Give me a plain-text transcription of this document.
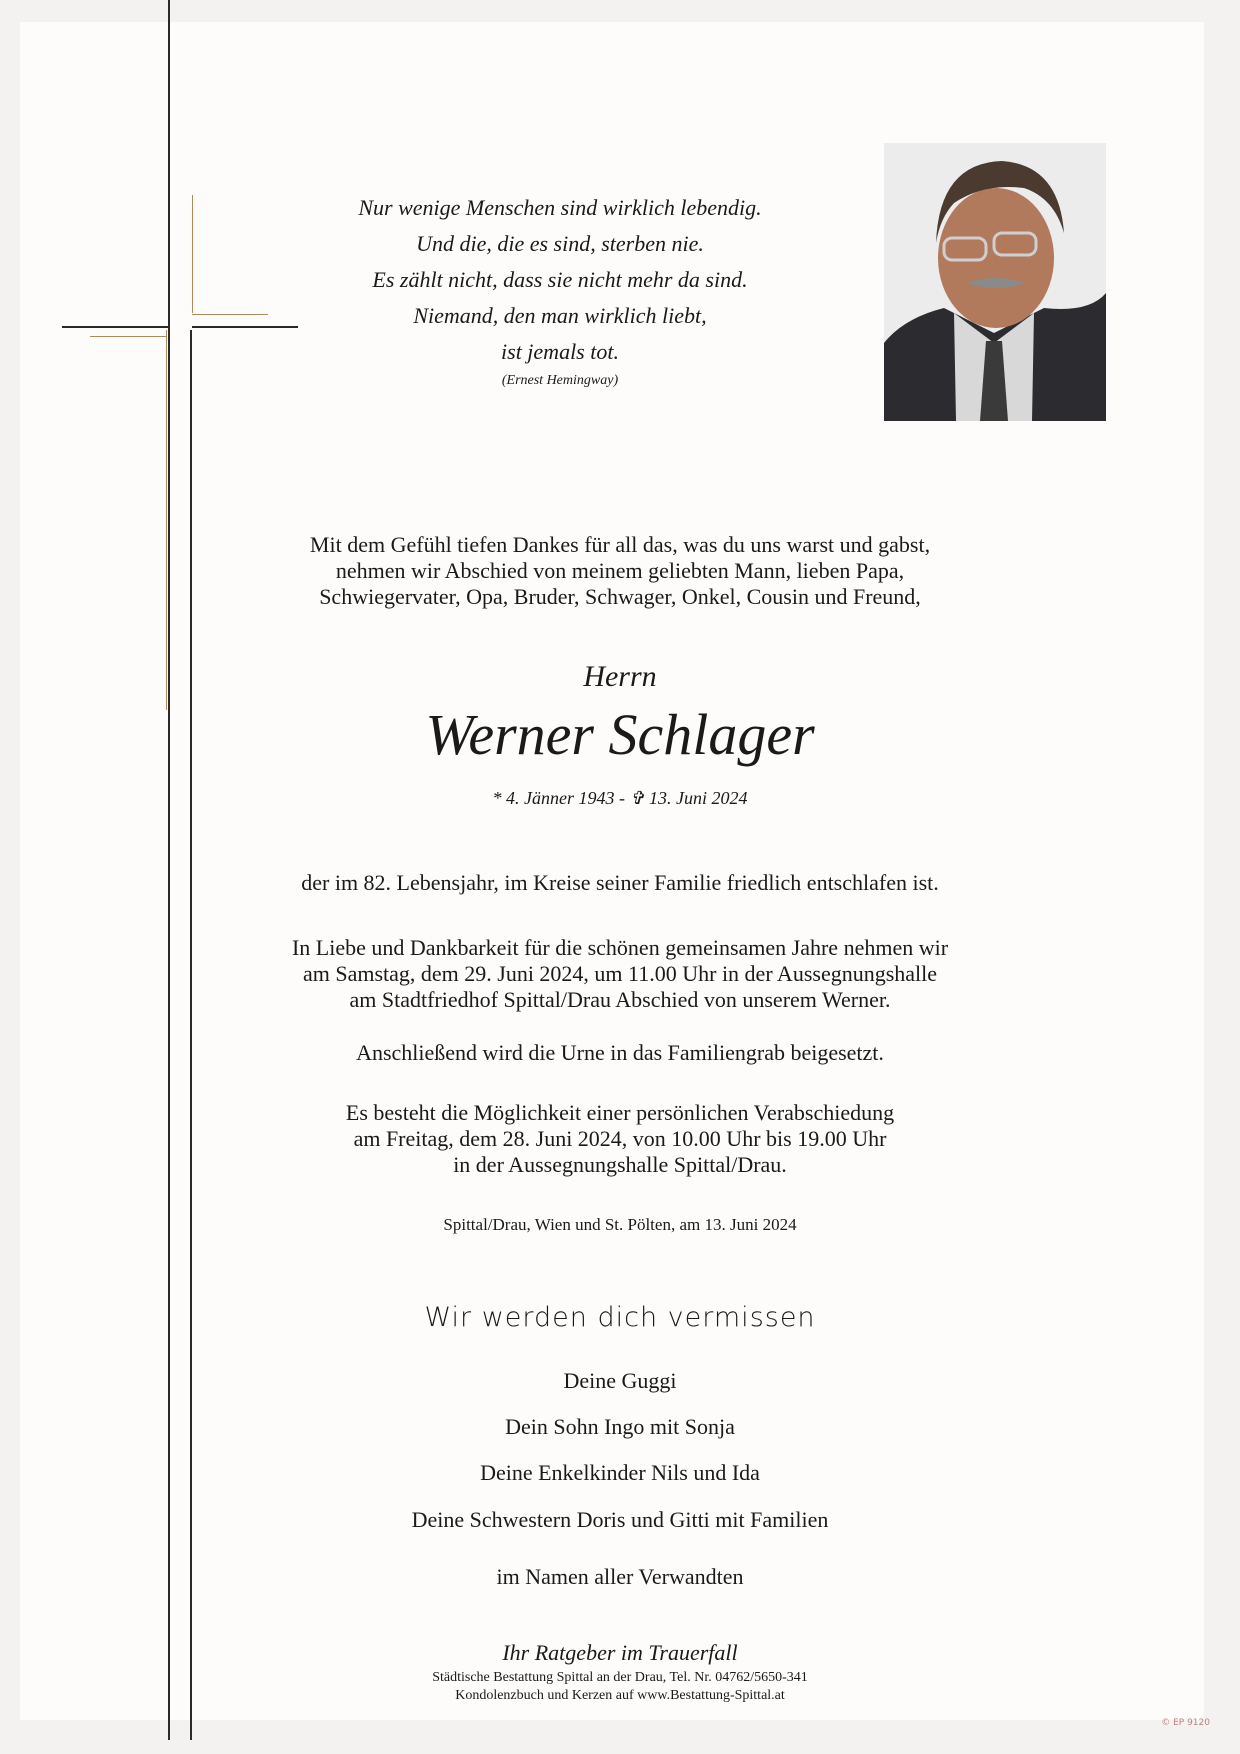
Nur wenige Menschen sind wirklich lebendig.
Und die, die es sind, sterben nie.
Es zählt nicht, dass sie nicht mehr da sind.
Niemand, den man wirklich liebt,
ist jemals tot.
(Ernest Hemingway)
Mit dem Gefühl tiefen Dankes für all das, was du uns warst und gabst,
nehmen wir Abschied von meinem geliebten Mann, lieben Papa,
Schwiegervater, Opa, Bruder, Schwager, Onkel, Cousin und Freund,
Herrn
Werner Schlager
* 4. Jänner 1943 - ✞ 13. Juni 2024
der im 82. Lebensjahr, im Kreise seiner Familie friedlich entschlafen ist.
In Liebe und Dankbarkeit für die schönen gemeinsamen Jahre nehmen wir
am Samstag, dem 29. Juni 2024, um 11.00 Uhr in der Aussegnungshalle
am Stadtfriedhof Spittal/Drau Abschied von unserem Werner.
Anschließend wird die Urne in das Familiengrab beigesetzt.
Es besteht die Möglichkeit einer persönlichen Verabschiedung
am Freitag, dem 28. Juni 2024, von 10.00 Uhr bis 19.00 Uhr
in der Aussegnungshalle Spittal/Drau.
Spittal/Drau, Wien und St. Pölten, am 13. Juni 2024
Wir werden dich vermissen
Deine Guggi
Dein Sohn Ingo mit Sonja
Deine Enkelkinder Nils und Ida
Deine Schwestern Doris und Gitti mit Familien
im Namen aller Verwandten
Ihr Ratgeber im Trauerfall
Städtische Bestattung Spittal an der Drau, Tel. Nr. 04762/5650-341
Kondolenzbuch und Kerzen auf www.Bestattung-Spittal.at
© EP 9120
